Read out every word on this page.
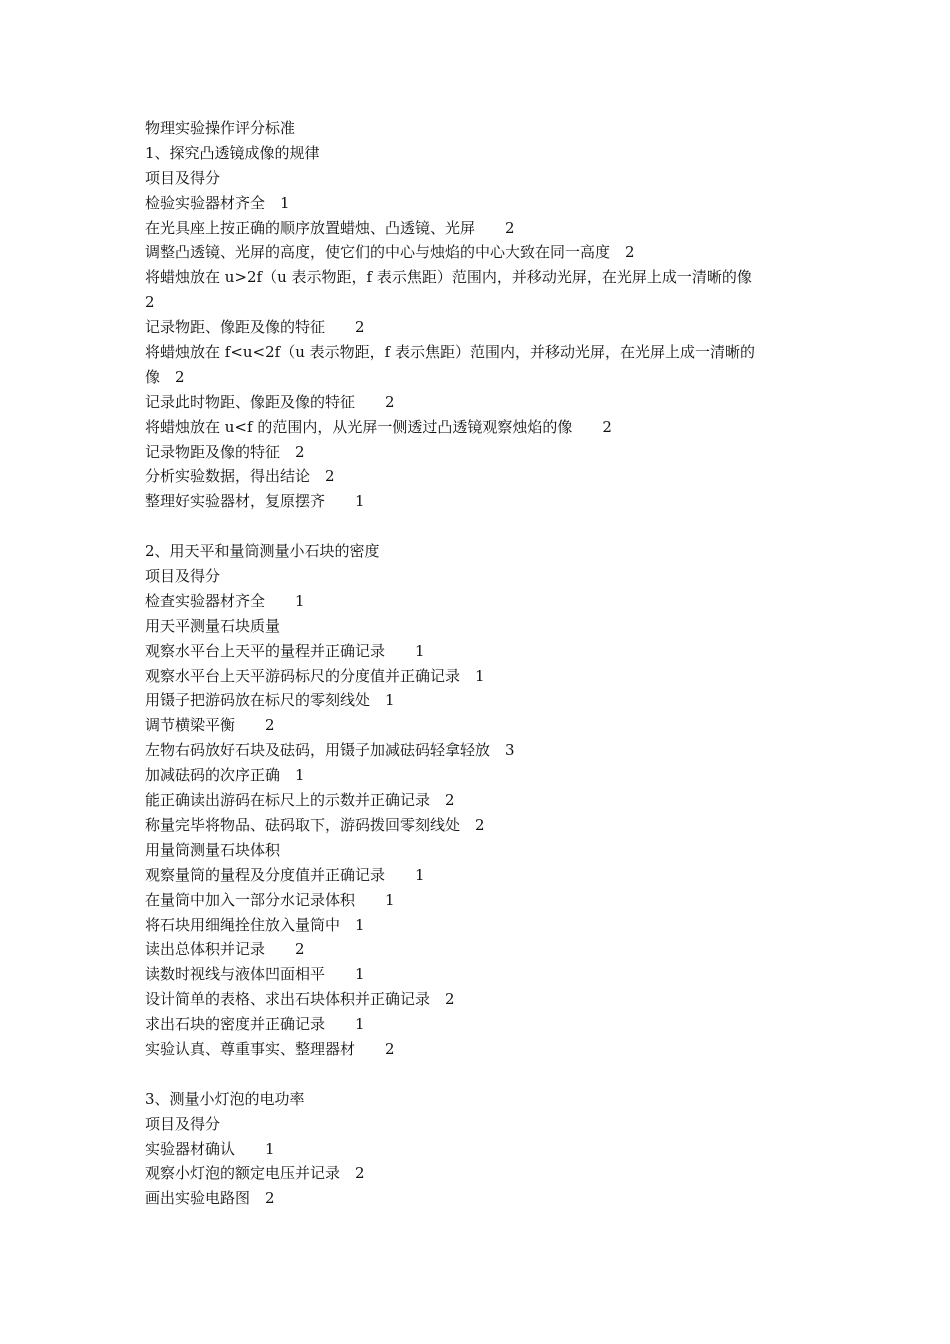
物理实验操作评分标准
1、探究凸透镜成像的规律
项目及得分
检验实验器材齐全　1
在光具座上按正确的顺序放置蜡烛、凸透镜、光屏　　2
调整凸透镜、光屏的高度，使它们的中心与烛焰的中心大致在同一高度　2
将蜡烛放在 u>2f（u 表示物距，f 表示焦距）范围内，并移动光屏，在光屏上成一清晰的像
2
记录物距、像距及像的特征　　2
将蜡烛放在 f<u<2f（u 表示物距，f 表示焦距）范围内，并移动光屏，在光屏上成一清晰的
像　2
记录此时物距、像距及像的特征　　2
将蜡烛放在 u<f 的范围内，从光屏一侧透过凸透镜观察烛焰的像　　2
记录物距及像的特征　2
分析实验数据，得出结论　2
整理好实验器材，复原摆齐　　1
2、用天平和量筒测量小石块的密度
项目及得分
检查实验器材齐全　　1
用天平测量石块质量
观察水平台上天平的量程并正确记录　　1
观察水平台上天平游码标尺的分度值并正确记录　1
用镊子把游码放在标尺的零刻线处　1
调节横梁平衡　　2
左物右码放好石块及砝码，用镊子加减砝码轻拿轻放　3
加减砝码的次序正确　1
能正确读出游码在标尺上的示数并正确记录　2
称量完毕将物品、砝码取下，游码拨回零刻线处　2
用量筒测量石块体积
观察量筒的量程及分度值并正确记录　　1
在量筒中加入一部分水记录体积　　1
将石块用细绳拴住放入量筒中　1
读出总体积并记录　　2
读数时视线与液体凹面相平　　1
设计简单的表格、求出石块体积并正确记录　2
求出石块的密度并正确记录　　1
实验认真、尊重事实、整理器材　　2
3、测量小灯泡的电功率
项目及得分
实验器材确认　　1
观察小灯泡的额定电压并记录　2
画出实验电路图　2
